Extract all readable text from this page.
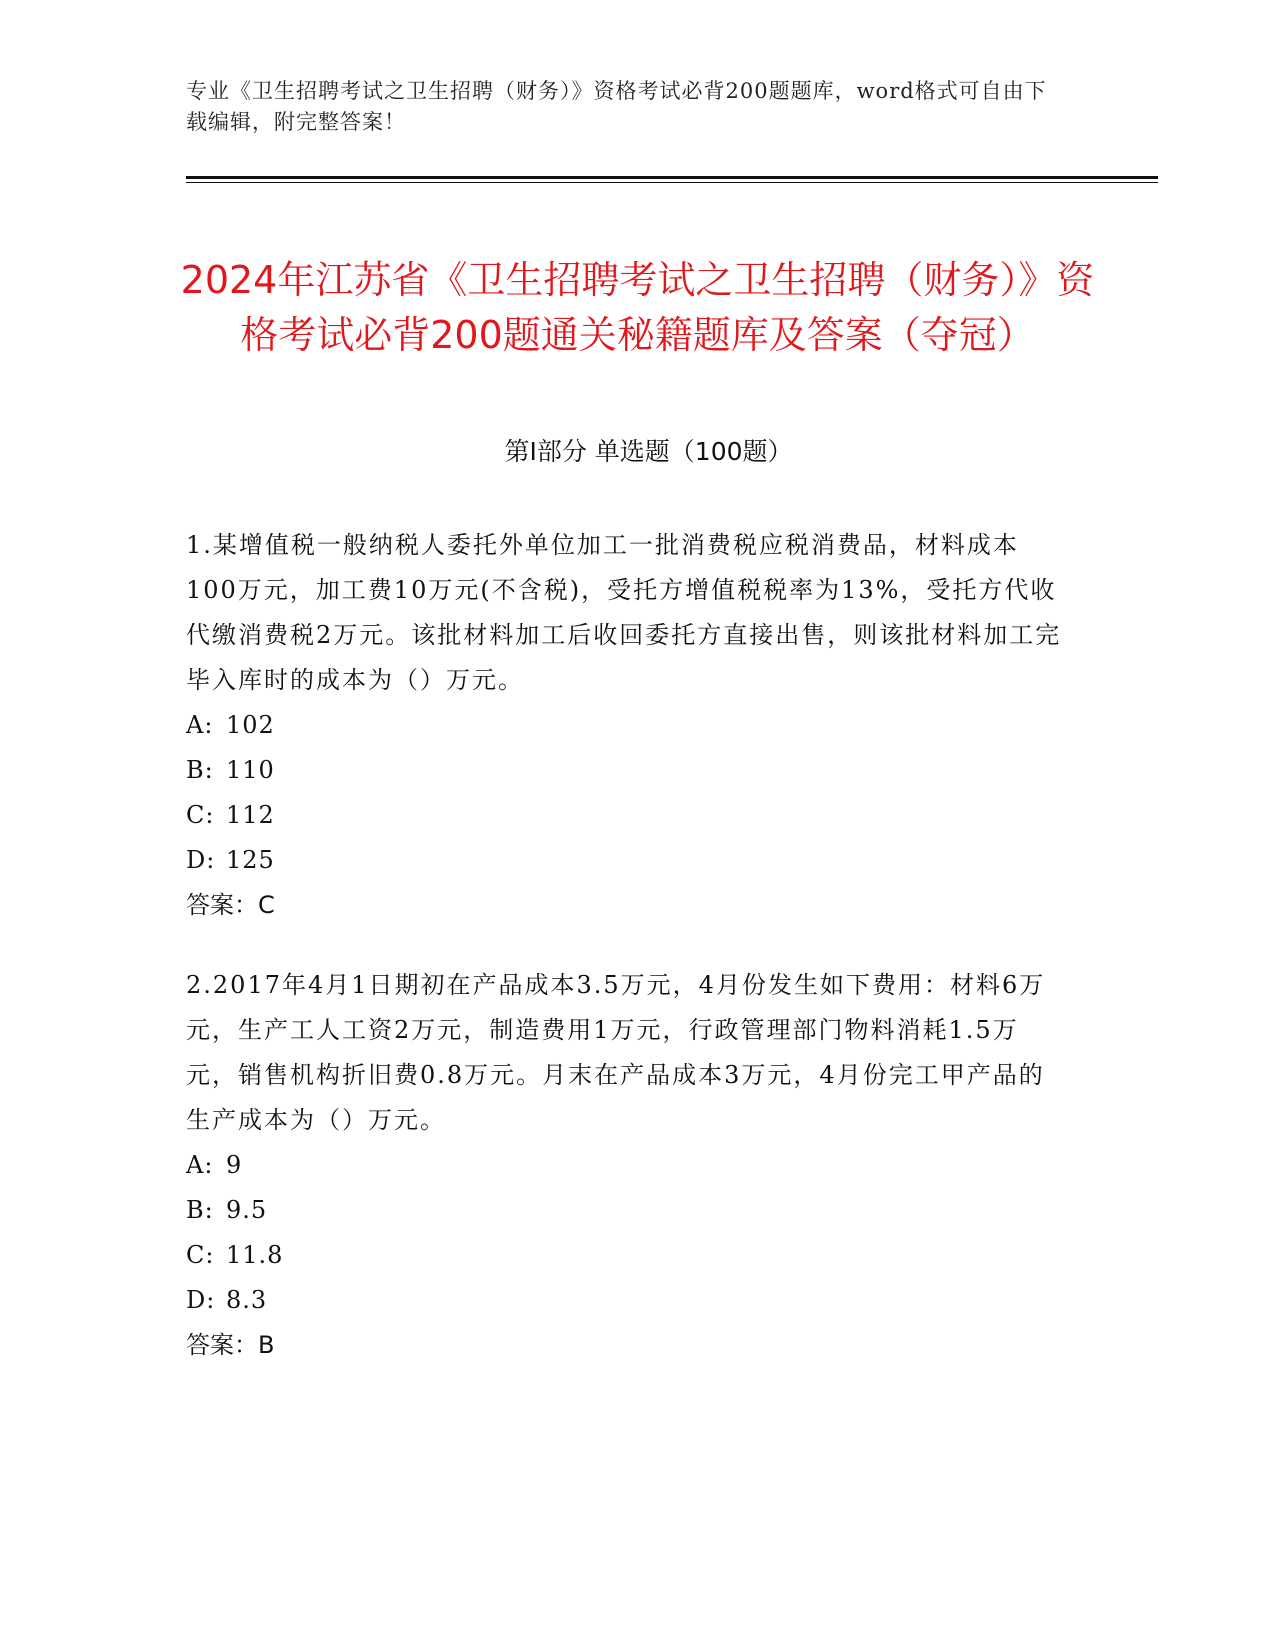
专业《卫生招聘考试之卫生招聘（财务）》资格考试必背200题题库，word格式可自由下载编辑，附完整答案！
2024年江苏省《卫生招聘考试之卫生招聘（财务）》资格考试必背200题通关秘籍题库及答案（夺冠）
第I部分 单选题（100题）

1.某增值税一般纳税人委托外单位加工一批消费税应税消费品，材料成本100万元，加工费10万元(不含税)，受托方增值税税率为13%，受托方代收代缴消费税2万元。该批材料加工后收回委托方直接出售，则该批材料加工完毕入库时的成本为（）万元。

A: 102

B: 110

C: 112

D: 125

答案：C

2.2017年4月1日期初在产品成本3.5万元，4月份发生如下费用：材料6万元，生产工人工资2万元，制造费用1万元，行政管理部门物料消耗1.5万元，销售机构折旧费0.8万元。月末在产品成本3万元，4月份完工甲产品的生产成本为（）万元。

A: 9

B: 9.5

C: 11.8

D: 8.3

答案：B
